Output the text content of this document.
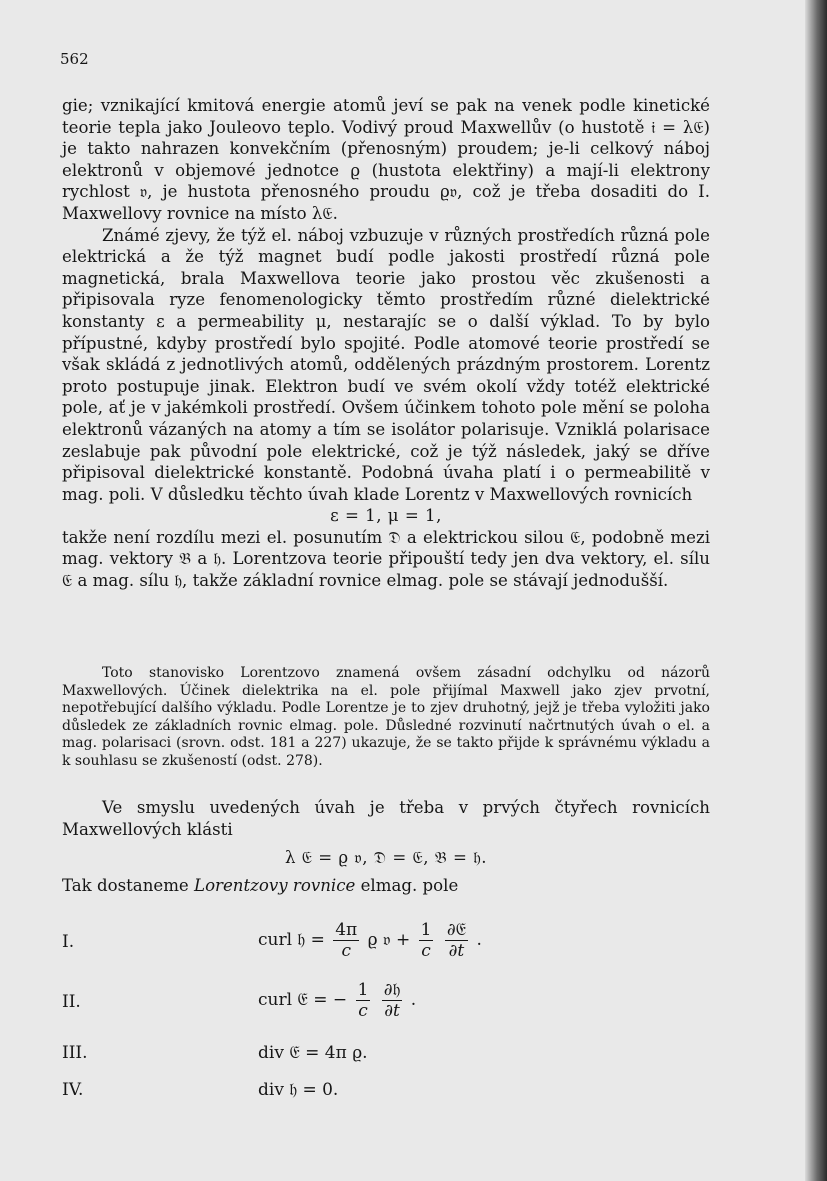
562

gie; vznikající kmitová energie atomů jeví se pak na venek podle kinetické teorie tepla jako Jouleovo teplo. Vodivý proud Maxwellův (o hustotě 𝔦 = λ𝔈) je takto nahrazen konvekčním (přenosným) proudem; je-li celkový náboj elektronů v objemové jednotce ϱ (hustota elektřiny) a mají-li elektrony rychlost 𝔳, je hustota přenosného proudu ϱ𝔳, což je třeba dosaditi do I. Maxwellovy rovnice na místo λ𝔈.

Známé zjevy, že týž el. náboj vzbuzuje v různých prostředích různá pole elektrická a že týž magnet budí podle jakosti prostředí různá pole magnetická, brala Maxwellova teorie jako prostou věc zkušenosti a připisovala ryze fenomenologicky těmto prostředím různé dielektrické konstanty ε a permeability μ, nestarajíc se o další výklad. To by bylo přípustné, kdyby prostředí bylo spojité. Podle atomové teorie prostředí se však skládá z jednotlivých atomů, oddělených prázdným prostorem. Lorentz proto postupuje jinak. Elektron budí ve svém okolí vždy totéž elektrické pole, ať je v jakémkoli prostředí. Ovšem účinkem tohoto pole mění se poloha elektronů vázaných na atomy a tím se isolátor polarisuje. Vzniklá polarisace zeslabuje pak původní pole elektrické, což je týž následek, jaký se dříve připisoval dielektrické konstantě. Podobná úvaha platí i o permeabilitě v mag. poli. V důsledku těchto úvah klade Lorentz v Maxwellových rovnicích

ε = 1, μ = 1,

takže není rozdílu mezi el. posunutím 𝔇 a elektrickou silou 𝔈, podobně mezi mag. vektory 𝔅 a 𝔥. Lorentzova teorie připouští tedy jen dva vektory, el. sílu 𝔈 a mag. sílu 𝔥, takže základní rovnice elmag. pole se stávají jednodušší.

Toto stanovisko Lorentzovo znamená ovšem zásadní odchylku od názorů Maxwellových. Účinek dielektrika na el. pole přijímal Maxwell jako zjev prvotní, nepotřebující dalšího výkladu. Podle Lorentze je to zjev druhotný, jejž je třeba vyložiti jako důsledek ze základních rovnic elmag. pole. Důsledné rozvinutí načrtnutých úvah o el. a mag. polarisaci (srovn. odst. 181 a 227) ukazuje, že se takto přijde k správnému výkladu a k souhlasu se zkušeností (odst. 278).

Ve smyslu uvedených úvah je třeba v prvých čtyřech rovnicích Maxwellových klásti

λ 𝔈 = ϱ 𝔳, 𝔇 = 𝔈, 𝔅 = 𝔥.

Tak dostaneme Lorentzovy rovnice elmag. pole

I.	curl 𝔥 = $\frac{4\pi}{c}$ ϱ 𝔳 + $\frac{1}{c}$
$\frac{\text{∂𝔈}}{\partial t}$ .
II.	curl 𝔈 = − $\frac{1}{c}$
$\frac{\text{∂𝔥}}{\partial t}$ .
III.	div 𝔈 = 4π ϱ.
IV.	div 𝔥 = 0.
